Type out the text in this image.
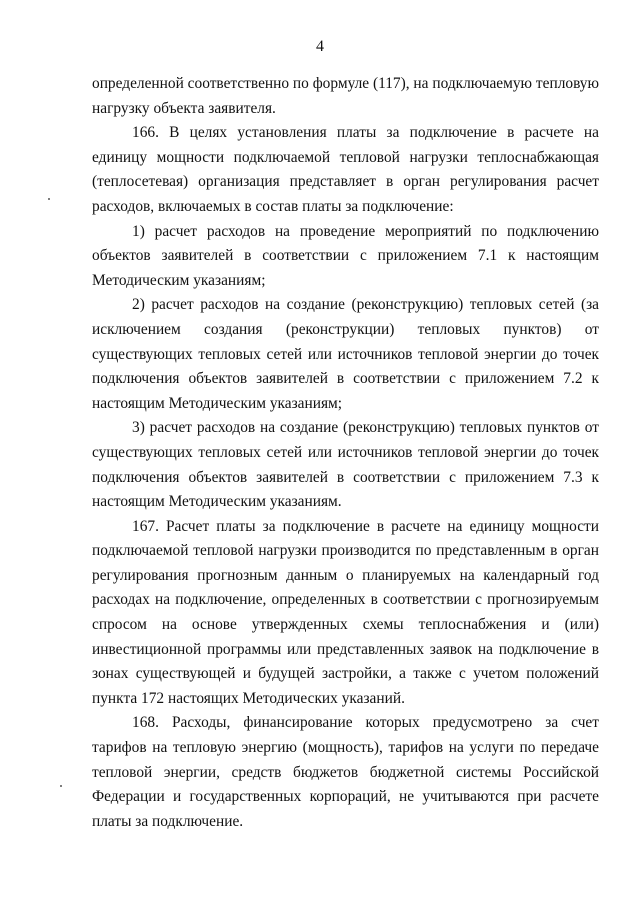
4

определенной соответственно по формуле (117), на подключаемую тепловую нагрузку объекта заявителя.

166. В целях установления платы за подключение в расчете на единицу мощности подключаемой тепловой нагрузки теплоснабжающая (теплосетевая) организация представляет в орган регулирования расчет расходов, включаемых в состав платы за подключение:

1) расчет расходов на проведение мероприятий по подключению объектов заявителей в соответствии с приложением 7.1 к настоящим Методическим указаниям;

2) расчет расходов на создание (реконструкцию) тепловых сетей (за исключением создания (реконструкции) тепловых пунктов) от существующих тепловых сетей или источников тепловой энергии до точек подключения объектов заявителей в соответствии с приложением 7.2 к настоящим Методическим указаниям;

3) расчет расходов на создание (реконструкцию) тепловых пунктов от существующих тепловых сетей или источников тепловой энергии до точек подключения объектов заявителей в соответствии с приложением 7.3 к настоящим Методическим указаниям.

167. Расчет платы за подключение в расчете на единицу мощности подключаемой тепловой нагрузки производится по представленным в орган регулирования прогнозным данным о планируемых на календарный год расходах на подключение, определенных в соответствии с прогнозируемым спросом на основе утвержденных схемы теплоснабжения и (или) инвестиционной программы или представленных заявок на подключение в зонах существующей и будущей застройки, а также с учетом положений пункта 172 настоящих Методических указаний.

168. Расходы, финансирование которых предусмотрено за счет тарифов на тепловую энергию (мощность), тарифов на услуги по передаче тепловой энергии, средств бюджетов бюджетной системы Российской Федерации и государственных корпораций, не учитываются при расчете платы за подключение.
